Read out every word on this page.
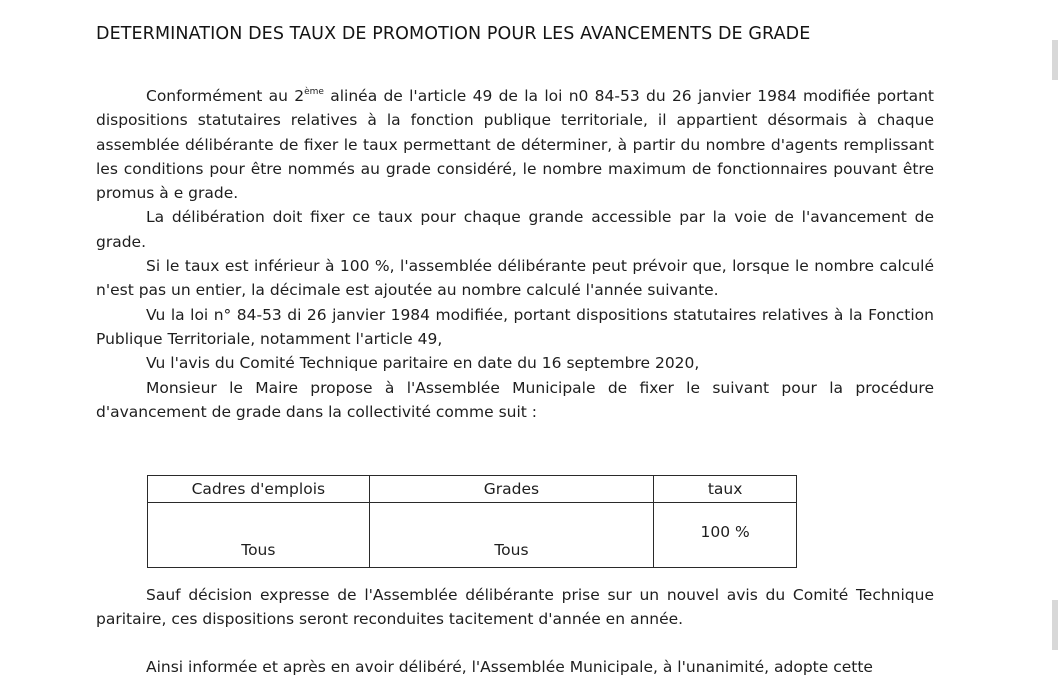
DETERMINATION DES TAUX DE PROMOTION POUR LES AVANCEMENTS DE GRADE

Conformément au 2ème alinéa de l'article 49 de la loi n0 84-53 du 26 janvier 1984 modifiée portant dispositions statutaires relatives à la fonction publique territoriale, il appartient désormais à chaque assemblée délibérante de fixer le taux permettant de déterminer, à partir du nombre d'agents remplissant les conditions pour être nommés au grade considéré, le nombre maximum de fonctionnaires pouvant être promus à e grade.

La délibération doit fixer ce taux pour chaque grande accessible par la voie de l'avancement de grade.

Si le taux est inférieur à 100 %, l'assemblée délibérante peut prévoir que, lorsque le nombre calculé n'est pas un entier, la décimale est ajoutée au nombre calculé l'année suivante.

Vu la loi n° 84-53 di 26 janvier 1984 modifiée, portant dispositions statutaires relatives à la Fonction Publique Territoriale, notamment l'article 49,

Vu l'avis du Comité Technique paritaire en date du 16 septembre 2020,

Monsieur le Maire propose à l'Assemblée Municipale de fixer le suivant pour la procédure d'avancement de grade dans la collectivité comme suit :

Cadres d'emplois	Grades	taux
Tous	Tous	100 %

Sauf décision expresse de l'Assemblée délibérante prise sur un nouvel avis du Comité Technique paritaire, ces dispositions seront reconduites tacitement d'année en année.

Ainsi informée et après en avoir délibéré, l'Assemblée Municipale, à l'unanimité, adopte cette
